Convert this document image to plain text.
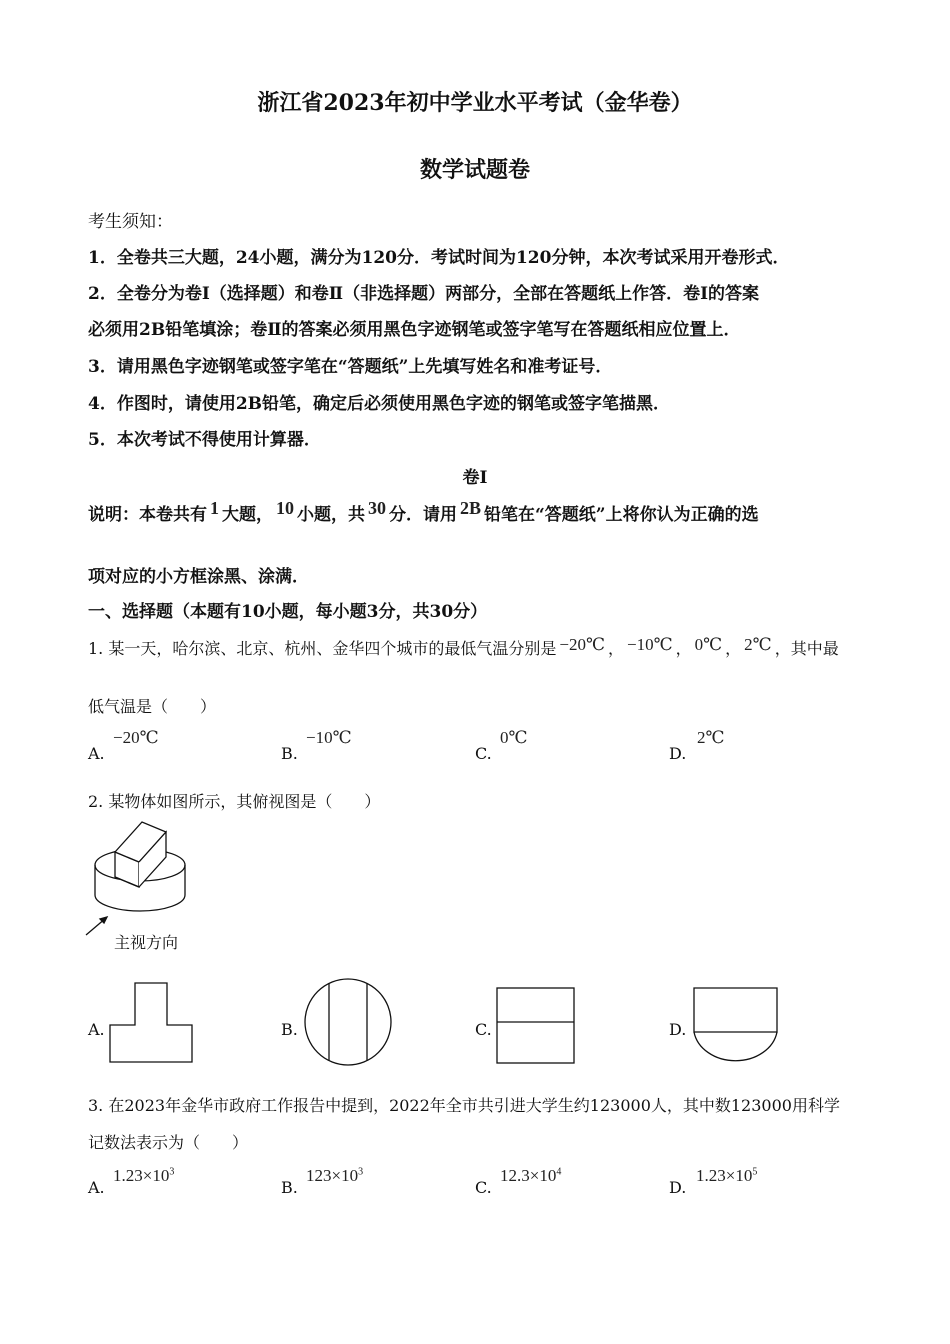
浙江省2023年初中学业水平考试（金华卷）
数学试题卷
考生须知：
1．全卷共三大题，24小题，满分为120分．考试时间为120分钟，本次考试采用开卷形式．
2．全卷分为卷Ⅰ（选择题）和卷Ⅱ（非选择题）两部分，全部在答题纸上作答．卷Ⅰ的答案
必须用2B铅笔填涂；卷Ⅱ的答案必须用黑色字迹钢笔或签字笔写在答题纸相应位置上．
3．请用黑色字迹钢笔或签字笔在“答题纸”上先填写姓名和准考证号．
4．作图时，请使用2B铅笔，确定后必须使用黑色字迹的钢笔或签字笔描黑．
5．本次考试不得使用计算器．
卷Ⅰ
说明：本卷共有 1 大题， 10 小题，共 30 分．请用 2B 铅笔在“答题纸”上将你认为正确的选
项对应的小方框涂黑、涂满．
一、选择题（本题有10小题，每小题3分，共30分）
1. 某一天，哈尔滨、北京、杭州、金华四个城市的最低气温分别是 −20℃ ， −10℃ ， 0℃ ， 2℃ ，其中最
低气温是（　　）
A.
−20℃
B.
−10℃
C.
0℃
D.
2℃
2. 某物体如图所示，其俯视图是（　　）
主视方向
A.	B.	C.	D.
3. 在2023年金华市政府工作报告中提到，2022年全市共引进大学生约123000人，其中数123000用科学
记数法表示为（　　）
A.
$1.23\times 10^3$
B.
$123\times 10^3$
C.
$12.3\times 10^4$
D.
$1.23\times 10^5$
